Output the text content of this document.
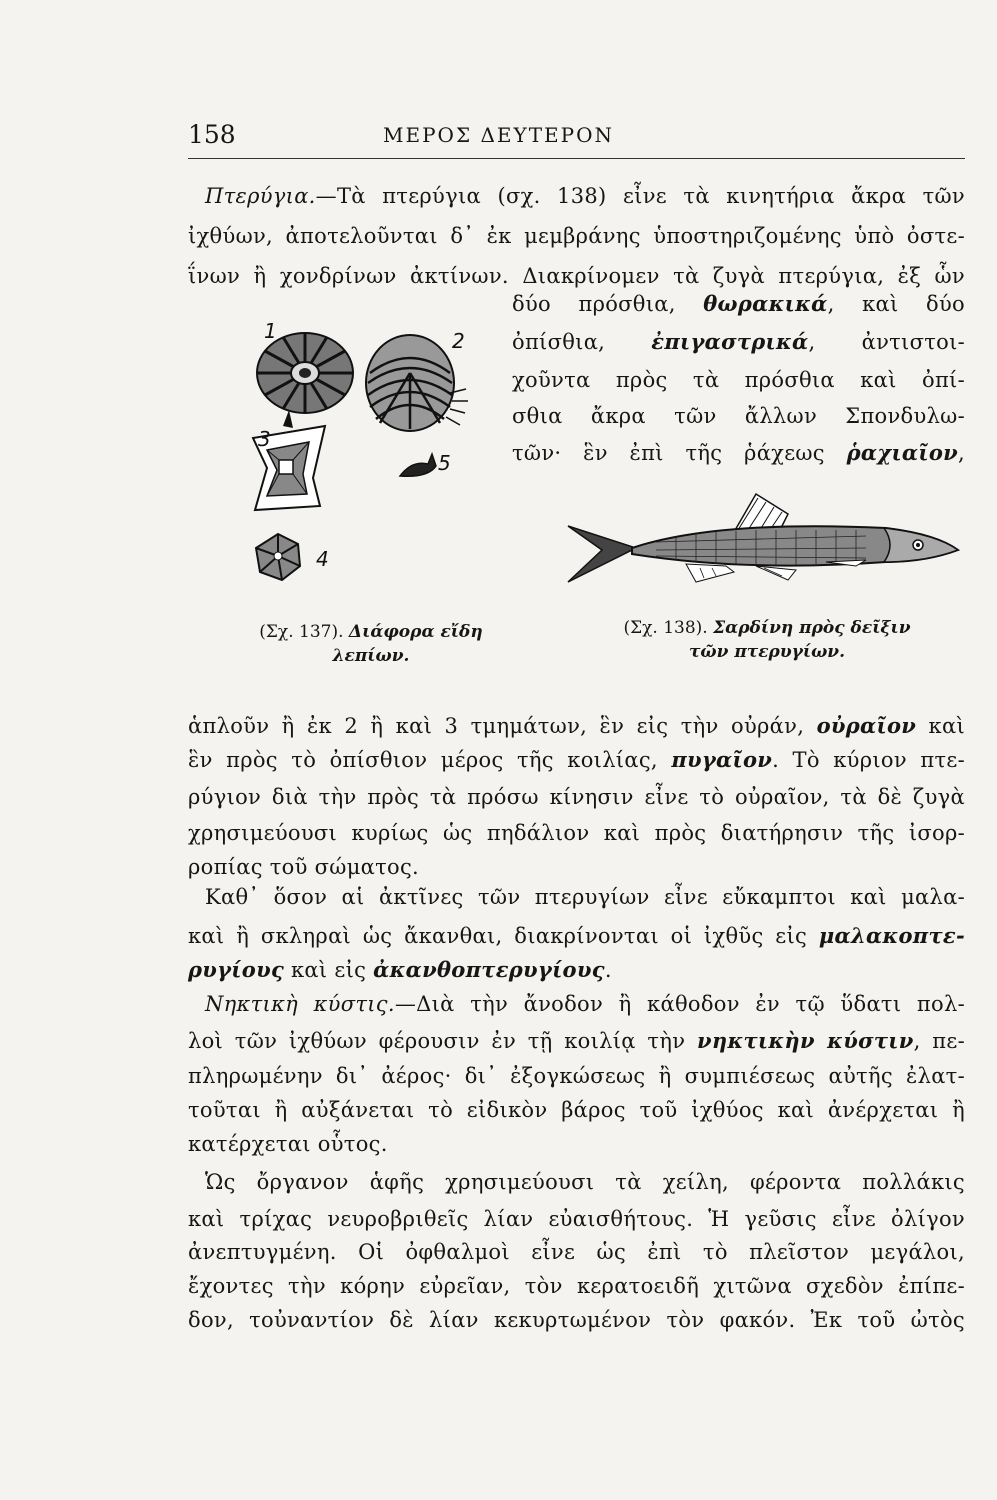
158	ΜΕΡΟΣ ΔΕΥΤΕΡΟΝ
Πτερύγια.—Τὰ πτερύγια (σχ. 138) εἶνε τὰ κινητήρια ἄκρα τῶν
ἰχθύων, ἀποτελοῦνται δ᾿ ἐκ μεμβράνης ὑποστηριζομένης ὑπὸ ὀστε-
ΐνων ἢ χονδρίνων ἀκτίνων. Διακρίνομεν τὰ ζυγὰ πτερύγια, ἐξ ὧν
δύο πρόσθια, θωρακικά, καὶ δύο
ὀπίσθια, ἐπιγαστρικά, ἀντιστοι-
χοῦντα πρὸς τὰ πρόσθια καὶ ὀπί-
σθια ἄκρα τῶν ἄλλων Σπονδυλω-
τῶν· ἓν ἐπὶ τῆς ῥάχεως ῥαχιαῖον,
1	2
3
4
5
(Σχ. 137). Διάφορα εἴδη
λεπίων.
(Σχ. 138). Σαρδίνη πρὸς δεῖξιν
τῶν πτερυγίων.
ἁπλοῦν ἢ ἐκ 2 ἢ καὶ 3 τμημάτων, ἓν εἰς τὴν οὐράν, οὐραῖον καὶ
ἓν πρὸς τὸ ὀπίσθιον μέρος τῆς κοιλίας, πυγαῖον. Τὸ κύριον πτε-
ρύγιον διὰ τὴν πρὸς τὰ πρόσω κίνησιν εἶνε τὸ οὐραῖον, τὰ δὲ ζυγὰ
χρησιμεύουσι κυρίως ὡς πηδάλιον καὶ πρὸς διατήρησιν τῆς ἰσορ-
ροπίας τοῦ σώματος.
Καθ᾿ ὅσον αἱ ἀκτῖνες τῶν πτερυγίων εἶνε εὔκαμπτοι καὶ μαλα-
καὶ ἢ σκληραὶ ὡς ἄκανθαι, διακρίνονται οἱ ἰχθῦς εἰς μαλακοπτε-
ρυγίους καὶ εἰς ἀκανθοπτερυγίους.
Νηκτικὴ κύστις.—Διὰ τὴν ἄνοδον ἢ κάθοδον ἐν τῷ ὕδατι πολ-
λοὶ τῶν ἰχθύων φέρουσιν ἐν τῇ κοιλίᾳ τὴν νηκτικὴν κύστιν, πε-
πληρωμένην δι᾿ ἀέρος· δι᾿ ἐξογκώσεως ἢ συμπιέσεως αὐτῆς ἐλατ-
τοῦται ἢ αὐξάνεται τὸ εἰδικὸν βάρος τοῦ ἰχθύος καὶ ἀνέρχεται ἢ
κατέρχεται οὗτος.
Ὡς ὄργανον ἁφῆς χρησιμεύουσι τὰ χείλη, φέροντα πολλάκις
καὶ τρίχας νευροβριθεῖς λίαν εὐαισθήτους. Ἡ γεῦσις εἶνε ὀλίγον
ἀνεπτυγμένη. Οἱ ὀφθαλμοὶ εἶνε ὡς ἐπὶ τὸ πλεῖστον μεγάλοι,
ἔχοντες τὴν κόρην εὐρεῖαν, τὸν κερατοειδῆ χιτῶνα σχεδὸν ἐπίπε-
δον, τοὐναντίον δὲ λίαν κεκυρτωμένον τὸν φακόν. Ἐκ τοῦ ὠτὸς
